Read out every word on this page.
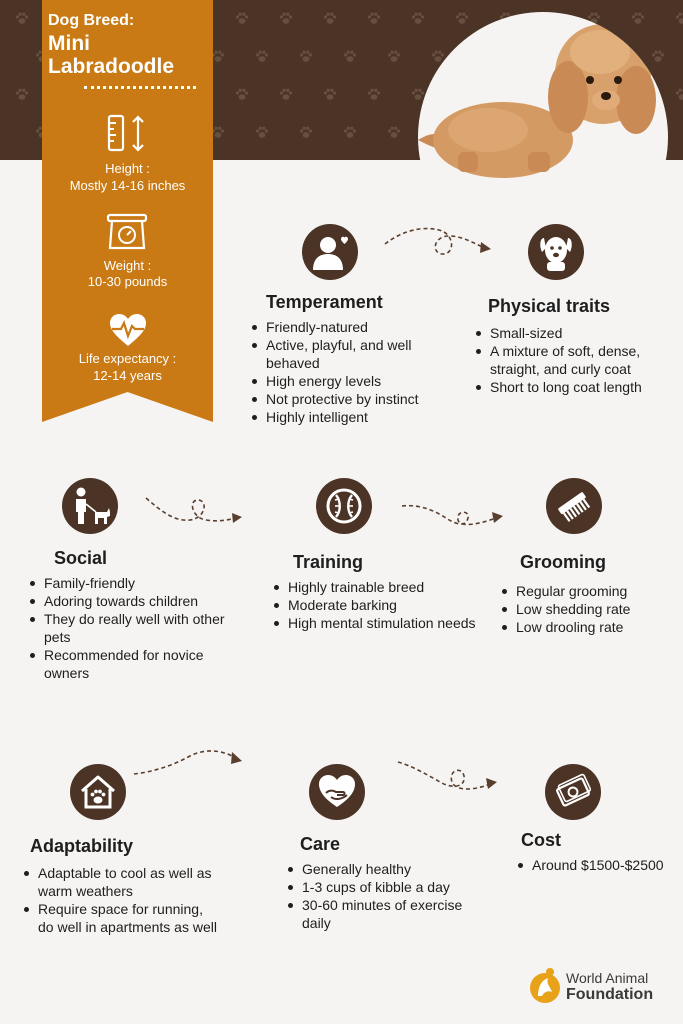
Dog Breed:
Mini Labradoodle
Height :
Mostly 14-16 inches
Weight :
10-30 pounds
Life expectancy :
12-14 years
Temperament
Friendly-natured
Active, playful, and well behaved
High energy levels
Not protective by instinct
Highly intelligent
Physical traits
Small-sized
A mixture of soft, dense, straight, and curly coat
Short to long coat length
Social
Family-friendly
Adoring towards children
They do really well with other pets
Recommended for novice owners
Training
Highly trainable breed
Moderate barking
High mental stimulation needs
Grooming
Regular grooming
Low shedding rate
Low drooling rate
Adaptability
Adaptable to cool as well as warm weathers
Require space for running, do well in apartments as well
Care
Generally healthy
1-3 cups of kibble a day
30-60 minutes of exercise daily
Cost
Around $1500-$2500
World Animal
Foundation
